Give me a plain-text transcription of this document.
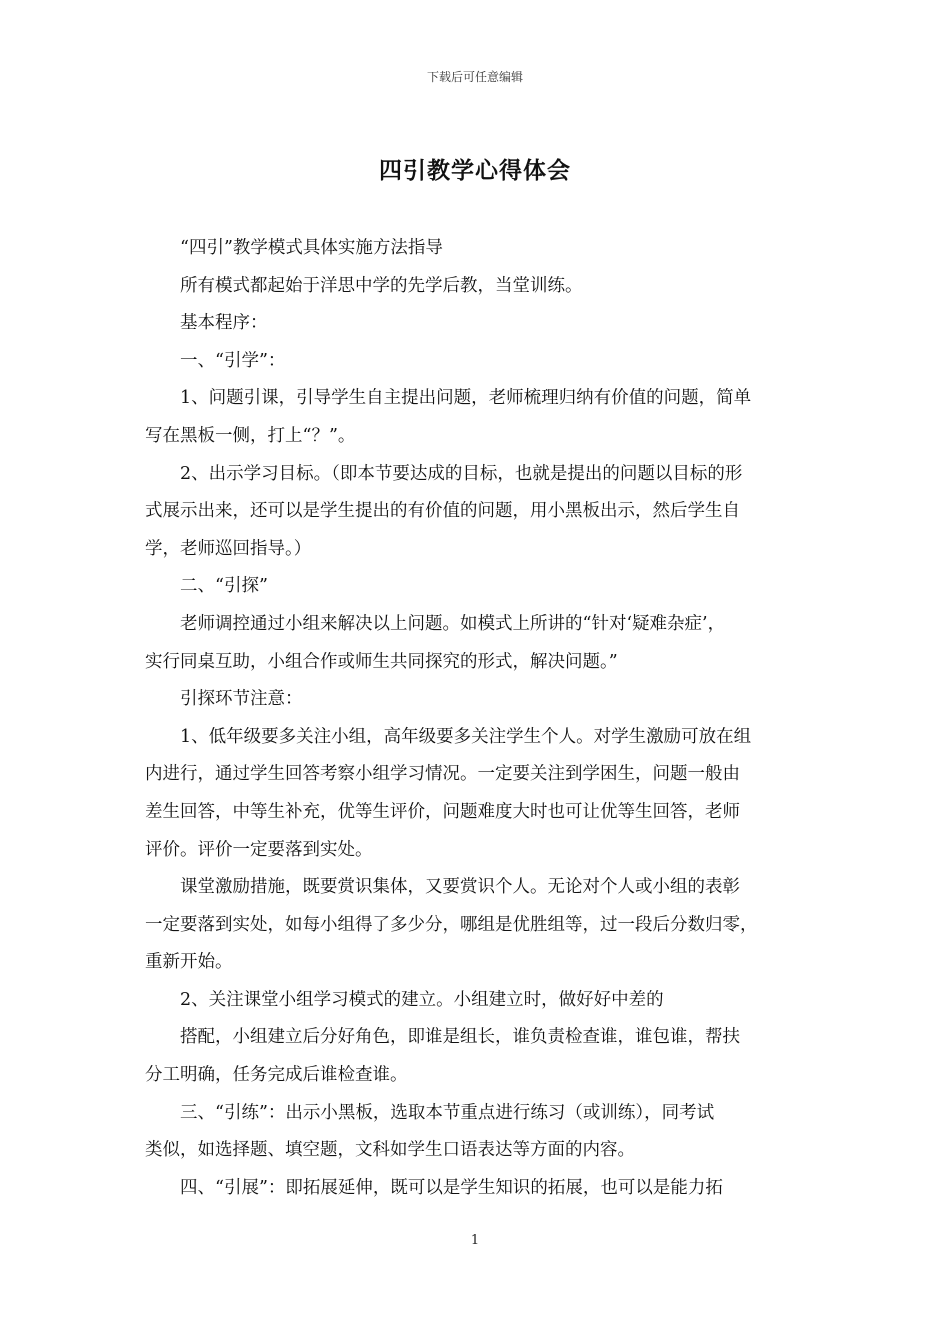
下载后可任意编辑
四引教学心得体会
“四引”教学模式具体实施方法指导
所有模式都起始于洋思中学的先学后教，当堂训练。
基本程序：
一、“引学”：
1、问题引课，引导学生自主提出问题，老师梳理归纳有价值的问题，简单
写在黑板一侧，打上“？”。
2、出示学习目标。（即本节要达成的目标，也就是提出的问题以目标的形
式展示出来，还可以是学生提出的有价值的问题，用小黑板出示，然后学生自
学，老师巡回指导。）
二、“引探”
老师调控通过小组来解决以上问题。如模式上所讲的“针对‘疑难杂症’，
实行同桌互助，小组合作或师生共同探究的形式，解决问题。”
引探环节注意：
1、低年级要多关注小组，高年级要多关注学生个人。对学生激励可放在组
内进行，通过学生回答考察小组学习情况。一定要关注到学困生，问题一般由
差生回答，中等生补充，优等生评价，问题难度大时也可让优等生回答，老师
评价。评价一定要落到实处。
课堂激励措施，既要赏识集体，又要赏识个人。无论对个人或小组的表彰
一定要落到实处，如每小组得了多少分，哪组是优胜组等，过一段后分数归零，
重新开始。
2、关注课堂小组学习模式的建立。小组建立时，做好好中差的
搭配，小组建立后分好角色，即谁是组长，谁负责检查谁，谁包谁，帮扶
分工明确，任务完成后谁检查谁。
三、“引练”：出示小黑板，选取本节重点进行练习（或训练），同考试
类似，如选择题、填空题，文科如学生口语表达等方面的内容。
四、“引展”：即拓展延伸，既可以是学生知识的拓展，也可以是能力拓
1
